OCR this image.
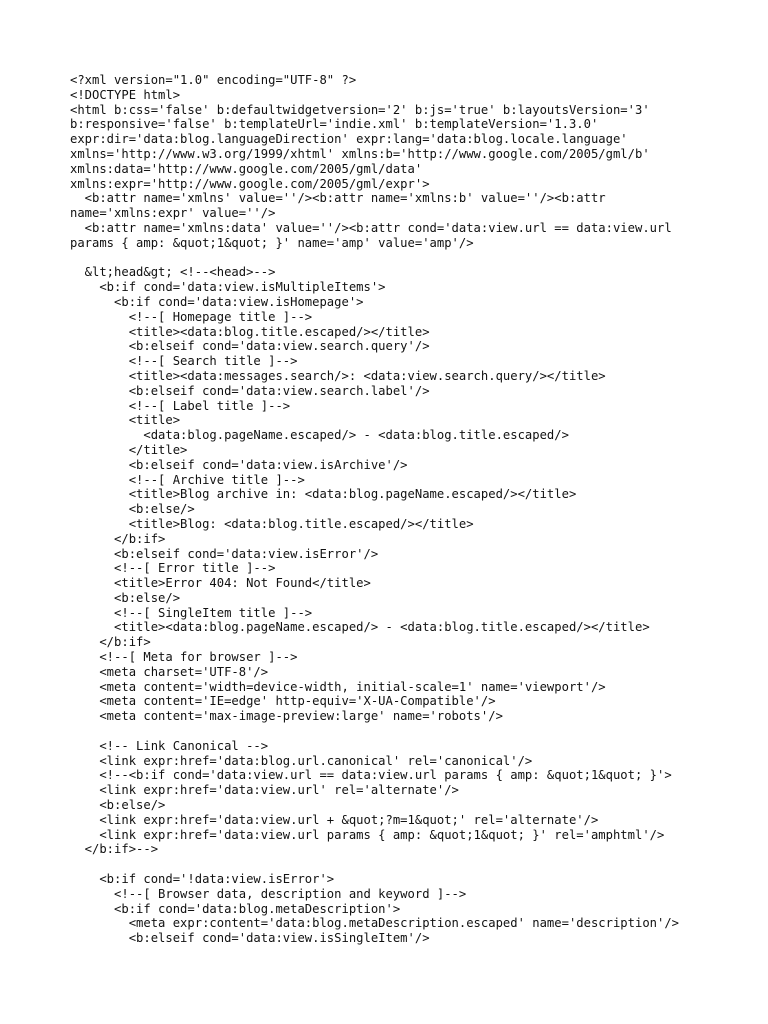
<?xml version="1.0" encoding="UTF-8" ?>
<!DOCTYPE html>
<html b:css='false' b:defaultwidgetversion='2' b:js='true' b:layoutsVersion='3'
b:responsive='false' b:templateUrl='indie.xml' b:templateVersion='1.3.0'
expr:dir='data:blog.languageDirection' expr:lang='data:blog.locale.language'
xmlns='http://www.w3.org/1999/xhtml' xmlns:b='http://www.google.com/2005/gml/b'
xmlns:data='http://www.google.com/2005/gml/data'
xmlns:expr='http://www.google.com/2005/gml/expr'>
<b:attr name='xmlns' value=''/><b:attr name='xmlns:b' value=''/><b:attr
name='xmlns:expr' value=''/>
<b:attr name='xmlns:data' value=''/><b:attr cond='data:view.url == data:view.url
params { amp: &quot;1&quot; }' name='amp' value='amp'/>
&lt;head&gt; <!--<head>-->
<b:if cond='data:view.isMultipleItems'>
<b:if cond='data:view.isHomepage'>
<!--[ Homepage title ]-->
<title><data:blog.title.escaped/></title>
<b:elseif cond='data:view.search.query'/>
<!--[ Search title ]-->
<title><data:messages.search/>: <data:view.search.query/></title>
<b:elseif cond='data:view.search.label'/>
<!--[ Label title ]-->
<title>
<data:blog.pageName.escaped/> - <data:blog.title.escaped/>
</title>
<b:elseif cond='data:view.isArchive'/>
<!--[ Archive title ]-->
<title>Blog archive in: <data:blog.pageName.escaped/></title>
<b:else/>
<title>Blog: <data:blog.title.escaped/></title>
</b:if>
<b:elseif cond='data:view.isError'/>
<!--[ Error title ]-->
<title>Error 404: Not Found</title>
<b:else/>
<!--[ SingleItem title ]-->
<title><data:blog.pageName.escaped/> - <data:blog.title.escaped/></title>
</b:if>
<!--[ Meta for browser ]-->
<meta charset='UTF-8'/>
<meta content='width=device-width, initial-scale=1' name='viewport'/>
<meta content='IE=edge' http-equiv='X-UA-Compatible'/>
<meta content='max-image-preview:large' name='robots'/>
<!-- Link Canonical -->
<link expr:href='data:blog.url.canonical' rel='canonical'/>
<!--<b:if cond='data:view.url == data:view.url params { amp: &quot;1&quot; }'>
<link expr:href='data:view.url' rel='alternate'/>
<b:else/>
<link expr:href='data:view.url + &quot;?m=1&quot;' rel='alternate'/>
<link expr:href='data:view.url params { amp: &quot;1&quot; }' rel='amphtml'/>
</b:if>-->
<b:if cond='!data:view.isError'>
<!--[ Browser data, description and keyword ]-->
<b:if cond='data:blog.metaDescription'>
<meta expr:content='data:blog.metaDescription.escaped' name='description'/>
<b:elseif cond='data:view.isSingleItem'/>
